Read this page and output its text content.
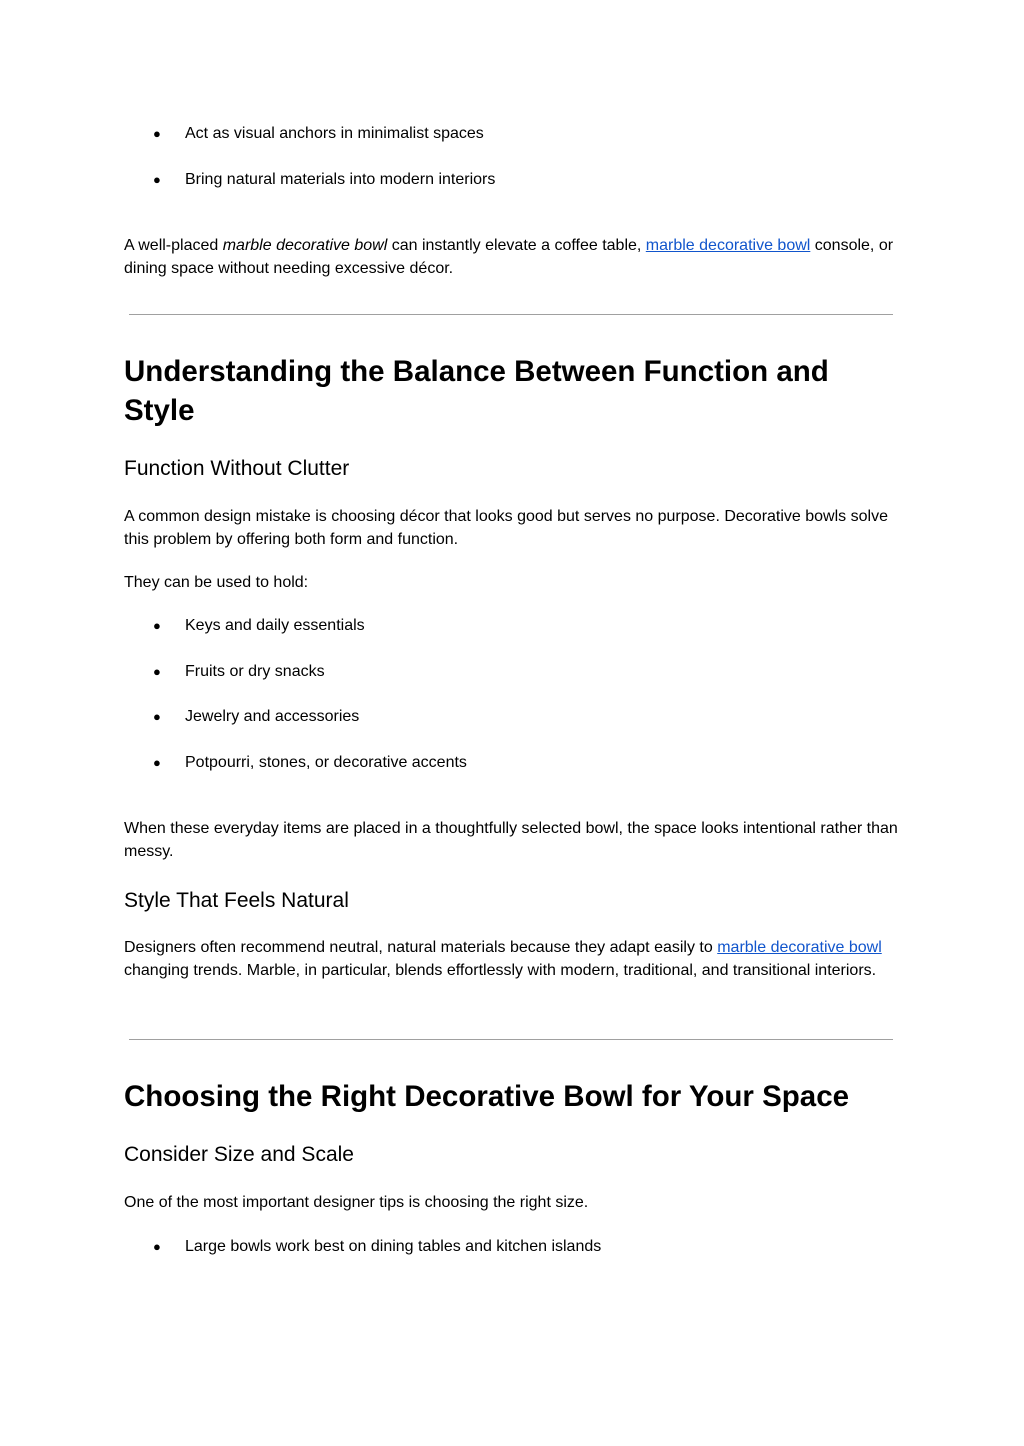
● Act as visual anchors in minimalist spaces
● Bring natural materials into modern interiors
A well-placed marble decorative bowl can instantly elevate a coffee table, marble decorative bowl console, or dining space without needing excessive décor.
Understanding the Balance Between Function and Style
Function Without Clutter
A common design mistake is choosing décor that looks good but serves no purpose. Decorative bowls solve this problem by offering both form and function.
They can be used to hold:
● Keys and daily essentials
● Fruits or dry snacks
● Jewelry and accessories
● Potpourri, stones, or decorative accents
When these everyday items are placed in a thoughtfully selected bowl, the space looks intentional rather than messy.
Style That Feels Natural
Designers often recommend neutral, natural materials because they adapt easily to marble decorative bowl  changing trends. Marble, in particular, blends effortlessly with modern, traditional, and transitional interiors.
Choosing the Right Decorative Bowl for Your Space
Consider Size and Scale
One of the most important designer tips is choosing the right size.
● Large bowls work best on dining tables and kitchen islands
